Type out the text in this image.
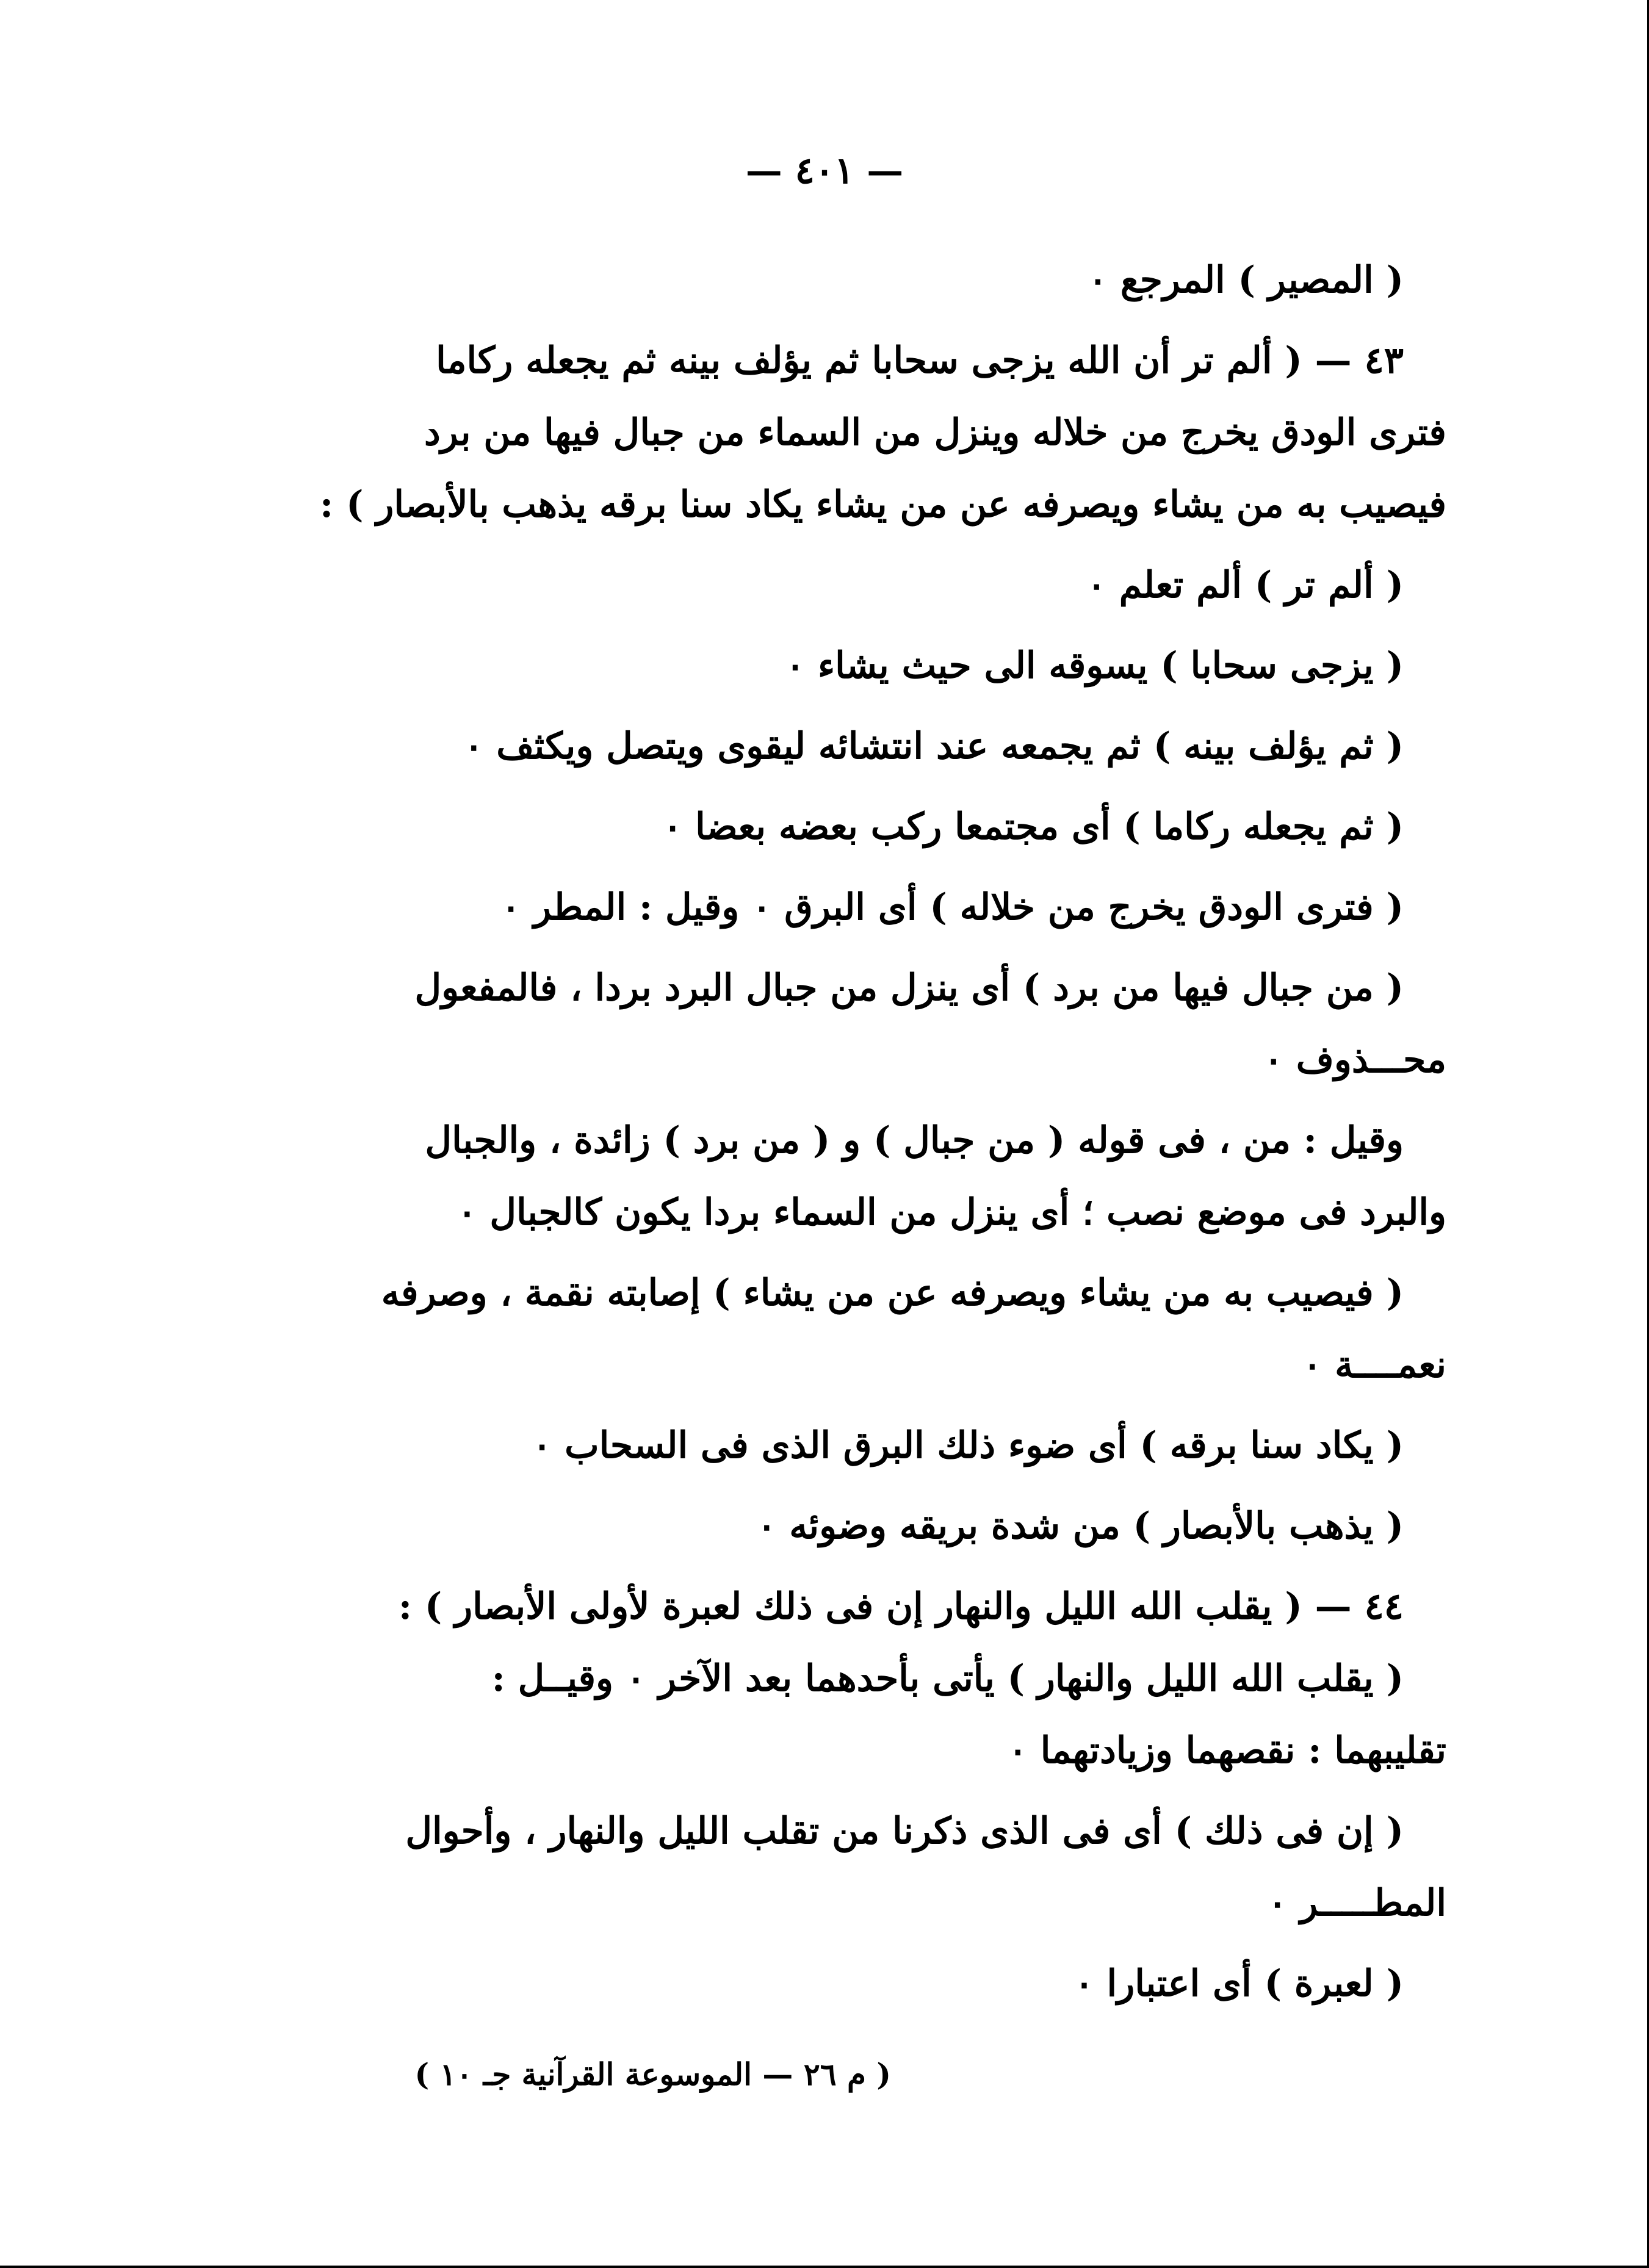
— ٤٠١ —
( المصير ) المرجع ٠
٤٣ — ( ألم تر أن الله يزجى سحابا ثم يؤلف بينه ثم يجعله ركاما
فترى الودق يخرج من خلاله وينزل من السماء من جبال فيها من برد
فيصيب به من يشاء ويصرفه عن من يشاء يكاد سنا برقه يذهب بالأبصار ) :
( ألم تر ) ألم تعلم ٠
( يزجى سحابا ) يسوقه الى حيث يشاء ٠
( ثم يؤلف بينه ) ثم يجمعه عند انتشائه ليقوى ويتصل ويكثف ٠
( ثم يجعله ركاما ) أى مجتمعا ركب بعضه بعضا ٠
( فترى الودق يخرج من خلاله ) أى البرق ٠ وقيل : المطر ٠
( من جبال فيها من برد ) أى ينزل من جبال البرد بردا ، فالمفعول
محـــذوف ٠
وقيل : من ، فى قوله ( من جبال ) و ( من برد ) زائدة ، والجبال
والبرد فى موضع نصب ؛ أى ينزل من السماء بردا يكون كالجبال ٠
( فيصيب به من يشاء ويصرفه عن من يشاء ) إصابته نقمة ، وصرفه
نعمــــة ٠
( يكاد سنا برقه ) أى ضوء ذلك البرق الذى فى السحاب ٠
( يذهب بالأبصار ) من شدة بريقه وضوئه ٠
٤٤ — ( يقلب الله الليل والنهار إن فى ذلك لعبرة لأولى الأبصار ) :
( يقلب الله الليل والنهار ) يأتى بأحدهما بعد الآخر ٠ وقيــل :
تقليبهما : نقصهما وزيادتهما ٠
( إن فى ذلك ) أى فى الذى ذكرنا من تقلب الليل والنهار ، وأحوال
المطـــــر ٠
( لعبرة ) أى اعتبارا ٠
( م ٢٦ — الموسوعة القرآنية جـ ١٠ )
